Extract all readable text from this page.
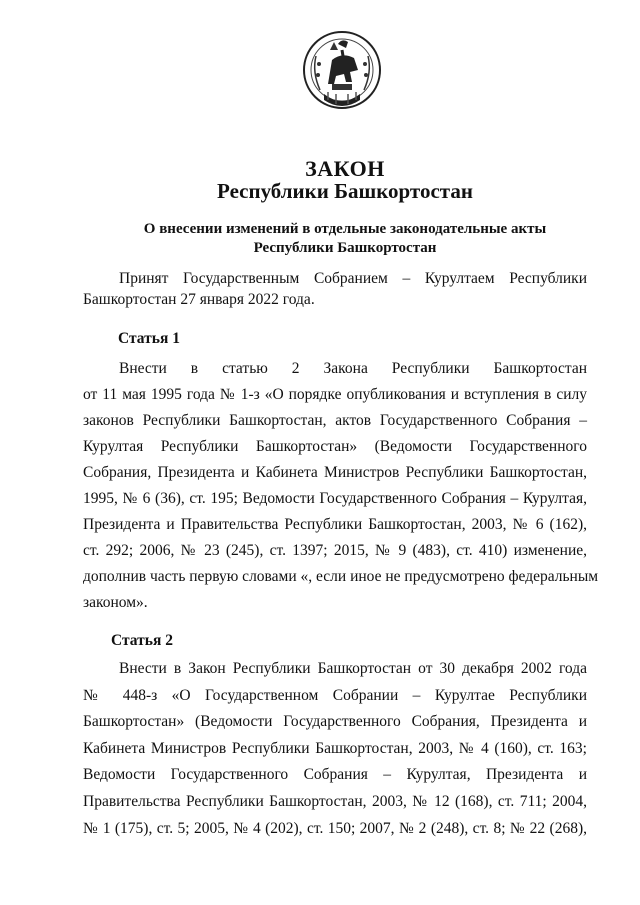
ЗАКОН
Республики Башкортостан
О внесении изменений в отдельные законодательные акты
Республики Башкортостан
Принят Государственным Собранием – Курултаем Республики
Башкортостан 27 января 2022 года.
Статья 1
Внести в статью 2 Закона Республики Башкортостан
от 11 мая 1995 года № 1-з «О порядке опубликования и вступления в силу
законов Республики Башкортостан, актов Государственного Собрания –
Курултая Республики Башкортостан» (Ведомости Государственного
Собрания, Президента и Кабинета Министров Республики Башкортостан,
1995, № 6 (36), ст. 195; Ведомости Государственного Собрания – Курултая,
Президента и Правительства Республики Башкортостан, 2003, № 6 (162),
ст. 292; 2006, № 23 (245), ст. 1397; 2015, № 9 (483), ст. 410) изменение,
дополнив часть первую словами «, если иное не предусмотрено федеральным
законом».
Статья 2
Внести в Закон Республики Башкортостан от 30 декабря 2002 года
№ 448-з «О Государственном Собрании – Курултае Республики
Башкортостан» (Ведомости Государственного Собрания, Президента и
Кабинета Министров Республики Башкортостан, 2003, № 4 (160), ст. 163;
Ведомости Государственного Собрания – Курултая, Президента и
Правительства Республики Башкортостан, 2003, № 12 (168), ст. 711; 2004,
№ 1 (175), ст. 5; 2005, № 4 (202), ст. 150; 2007, № 2 (248), ст. 8; № 22 (268),
